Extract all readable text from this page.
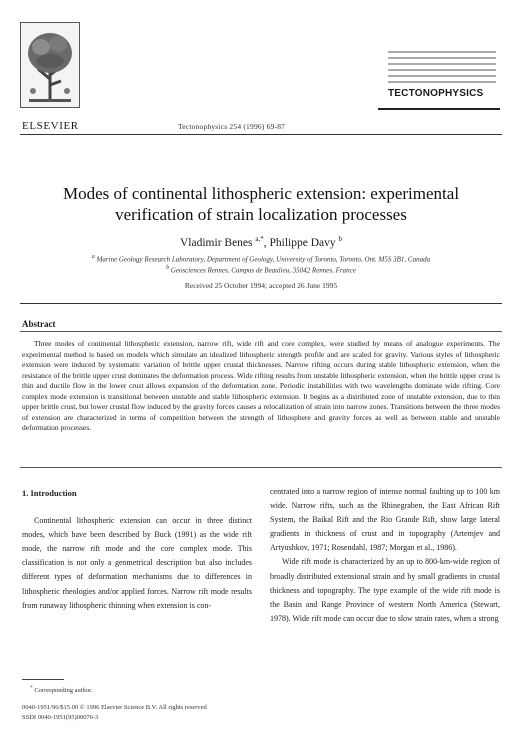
ELSEVIER	Tectonophysics 254 (1996) 69-87
TECTONOPHYSICS
Modes of continental lithospheric extension: experimental
verification of strain localization processes
Vladimir Benes $^{a,*}$, Philippe Davy $^b$
$^a$ Marine Geology Research Laboratory, Department of Geology, University of Toronto, Toronto, Ont. M5S 3B1, Canada
$^b$ Geosciences Rennes, Campus de Beaulieu, 35042 Rennes, France
Received 25 October 1994; accepted 26 June 1995
Abstract
Three modes of continental lithospheric extension, narrow rift, wide rift and core complex, were studied by means of analogue experiments. The experimental method is based on models which simulate an idealized lithospheric strength profile and are scaled for gravity. Various styles of lithospheric extension were induced by systematic variation of brittle upper crustal thicknesses. Narrow rifting occurs during stable lithospheric extension, when the resistance of the brittle upper crust dominates the deformation process. Wide rifting results from unstable lithospheric extension, when the brittle upper crust is thin and ductile flow in the lower crust allows expansion of the deformation zone. Periodic instabilities with two wavelengths dominate wide rifting. Core complex mode extension is transitional between unstable and stable lithospheric extension. It begins as a distributed zone of unstable extension, due to thin upper brittle crust, but lower crustal flow induced by the gravity forces causes a relocalization of strain into narrow zones. Transitions between the three modes of extension are characterized in terms of competition between the strength of lithosphere and gravity forces as well as between stable and unstable deformation processes.
1. Introduction

Continental lithospheric extension can occur in three distinct modes, which have been described by Buck (1991) as the wide rift mode, the narrow rift mode and the core complex mode. This classification is not only a geometrical description but also includes different types of deformation mechanisms due to differences in lithospheric rheologies and/or applied forces. Narrow rift mode results from runaway lithospheric thinning when extension is con-

centrated into a narrow region of intense normal faulting up to 100 km wide. Narrow rifts, such as the Rhinegraben, the East African Rift System, the Baikal Rift and the Rio Grande Rift, show large lateral gradients in thickness of crust and in topography (Artemjev and Artyushkov, 1971; Rosendahl, 1987; Morgan et al., 1986).

Wide rift mode is characterized by an up to 800-km-wide region of broadly distributed extensional strain and by small gradients in crustal thickness and topography. The type example of the wide rift mode is the Basin and Range Province of western North America (Stewart, 1978). Wide rift mode can occur due to slow strain rates, when a strong

* Corresponding author.
0040-1951/96/$15.00 © 1996 Elsevier Science B.V. All rights reserved
SSDI 0040-1951(95)00076-3
